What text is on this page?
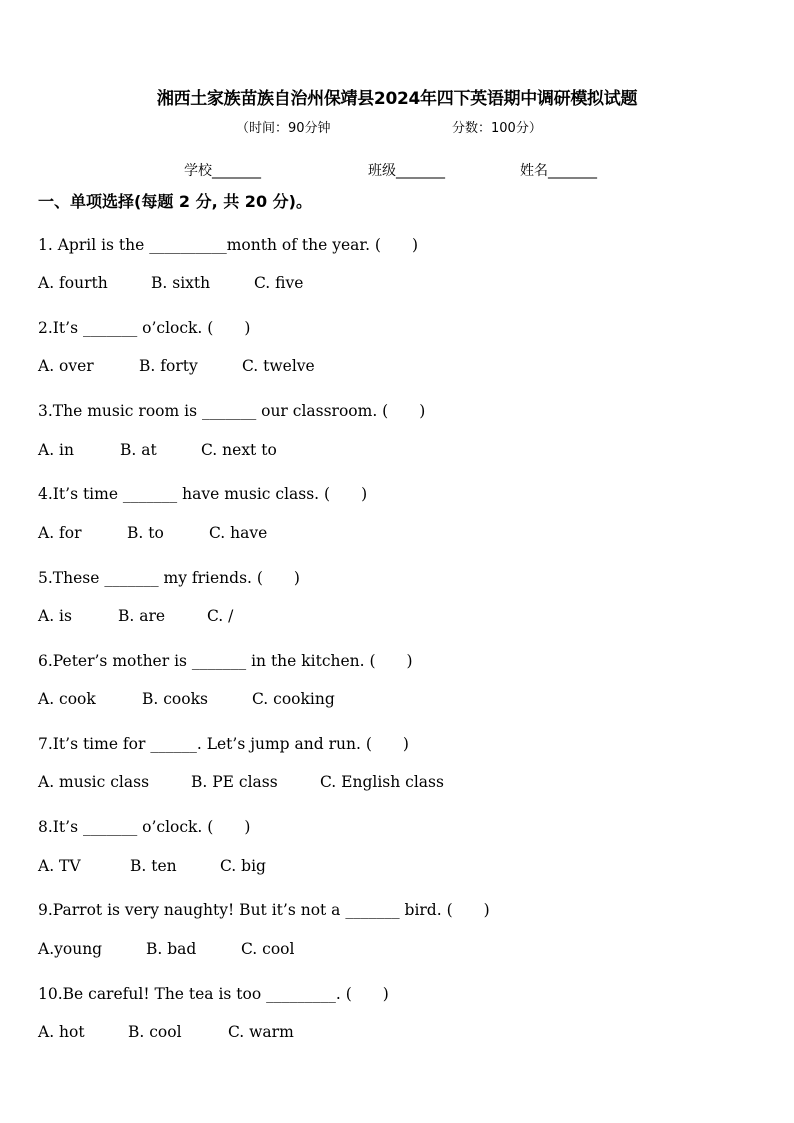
湘西土家族苗族自治州保靖县2024年四下英语期中调研模拟试题
（时间：90分钟	分数：100分）
学校_______	班级_______	姓名_______
一、单项选择(每题 2 分, 共 20 分)。
1. April is the __________month of the year. (　　)
A. fourth	B. sixth	C. five
2.It’s _______ o’clock. (　　)
A. over	B. forty	C. twelve
3.The music room is _______ our classroom. (　　)
A. in	B. at	C. next to
4.It’s time _______ have music class. (　　)
A. for	B. to	C. have
5.These _______ my friends. (　　)
A. is	B. are	C. /
6.Peter’s mother is _______ in the kitchen. (　　)
A. cook	B. cooks	C. cooking
7.It’s time for ______. Let’s jump and run. (　　)
A. music class	B. PE class	C. English class
8.It’s _______ o’clock. (　　)
A. TV	B. ten	C. big
9.Parrot is very naughty! But it’s not a _______ bird. (　　)
A.young	B. bad	C. cool
10.Be careful! The tea is too _________. (　　)
A. hot	B. cool	C. warm
